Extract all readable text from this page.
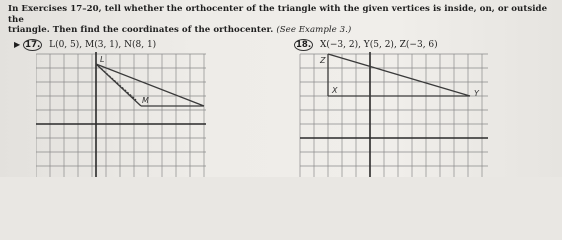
In Exercises 17–20, tell whether the orthocenter of the triangle with the given vertices is inside, on, or outside the
triangle. Then find the coordinates of the orthocenter. (See Example 3.)
▶ 17. L(0, 5), M(3, 1), N(8, 1)	18. X(−3, 2), Y(5, 2), Z(−3, 6)
L
M
Z
X	Y
